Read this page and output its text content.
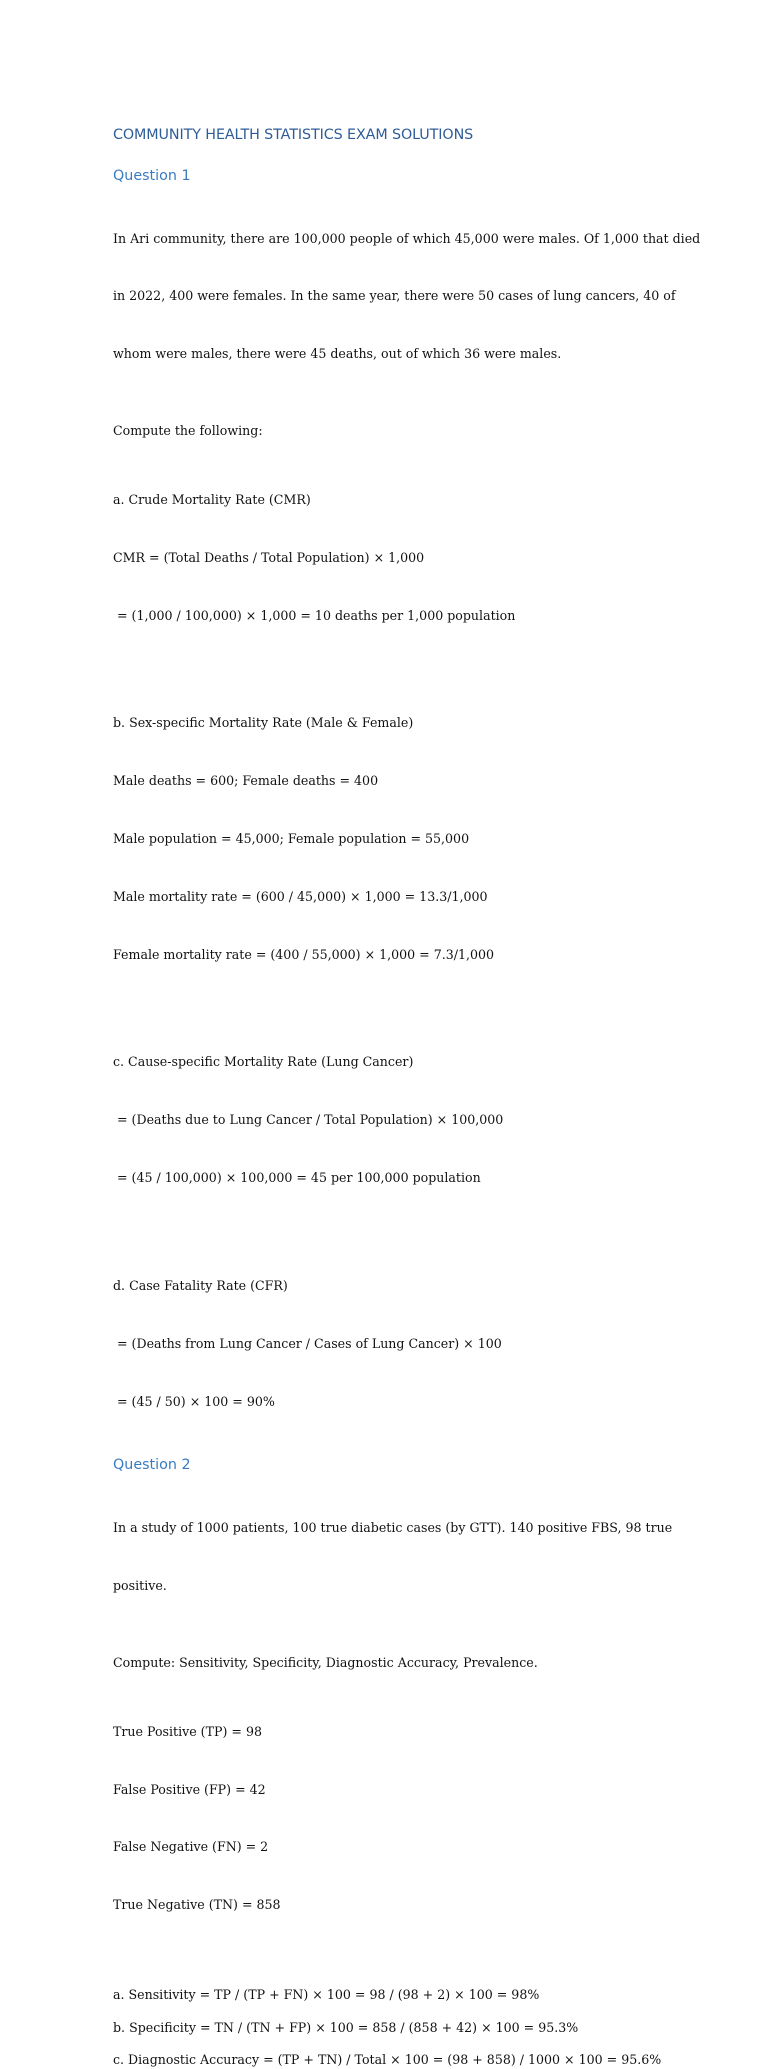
COMMUNITY HEALTH STATISTICS EXAM SOLUTIONS
Question 1

In Ari community, there are 100,000 people of which 45,000 were males. Of 1,000 that died

in 2022, 400 were females. In the same year, there were 50 cases of lung cancers, 40 of

whom were males, there were 45 deaths, out of which 36 were males.

Compute the following:

a. Crude Mortality Rate (CMR)

CMR = (Total Deaths / Total Population) × 1,000

= (1,000 / 100,000) × 1,000 = 10 deaths per 1,000 population

b. Sex-specific Mortality Rate (Male & Female)

Male deaths = 600; Female deaths = 400

Male population = 45,000; Female population = 55,000

Male mortality rate = (600 / 45,000) × 1,000 = 13.3/1,000

Female mortality rate = (400 / 55,000) × 1,000 = 7.3/1,000

c. Cause-specific Mortality Rate (Lung Cancer)

= (Deaths due to Lung Cancer / Total Population) × 100,000

= (45 / 100,000) × 100,000 = 45 per 100,000 population

d. Case Fatality Rate (CFR)

= (Deaths from Lung Cancer / Cases of Lung Cancer) × 100

= (45 / 50) × 100 = 90%

Question 2

In a study of 1000 patients, 100 true diabetic cases (by GTT). 140 positive FBS, 98 true

positive.

Compute: Sensitivity, Specificity, Diagnostic Accuracy, Prevalence.

True Positive (TP) = 98

False Positive (FP) = 42

False Negative (FN) = 2

True Negative (TN) = 858

a. Sensitivity = TP / (TP + FN) × 100 = 98 / (98 + 2) × 100 = 98%
b. Specificity = TN / (TN + FP) × 100 = 858 / (858 + 42) × 100 = 95.3%
c. Diagnostic Accuracy = (TP + TN) / Total × 100 = (98 + 858) / 1000 × 100 = 95.6%
